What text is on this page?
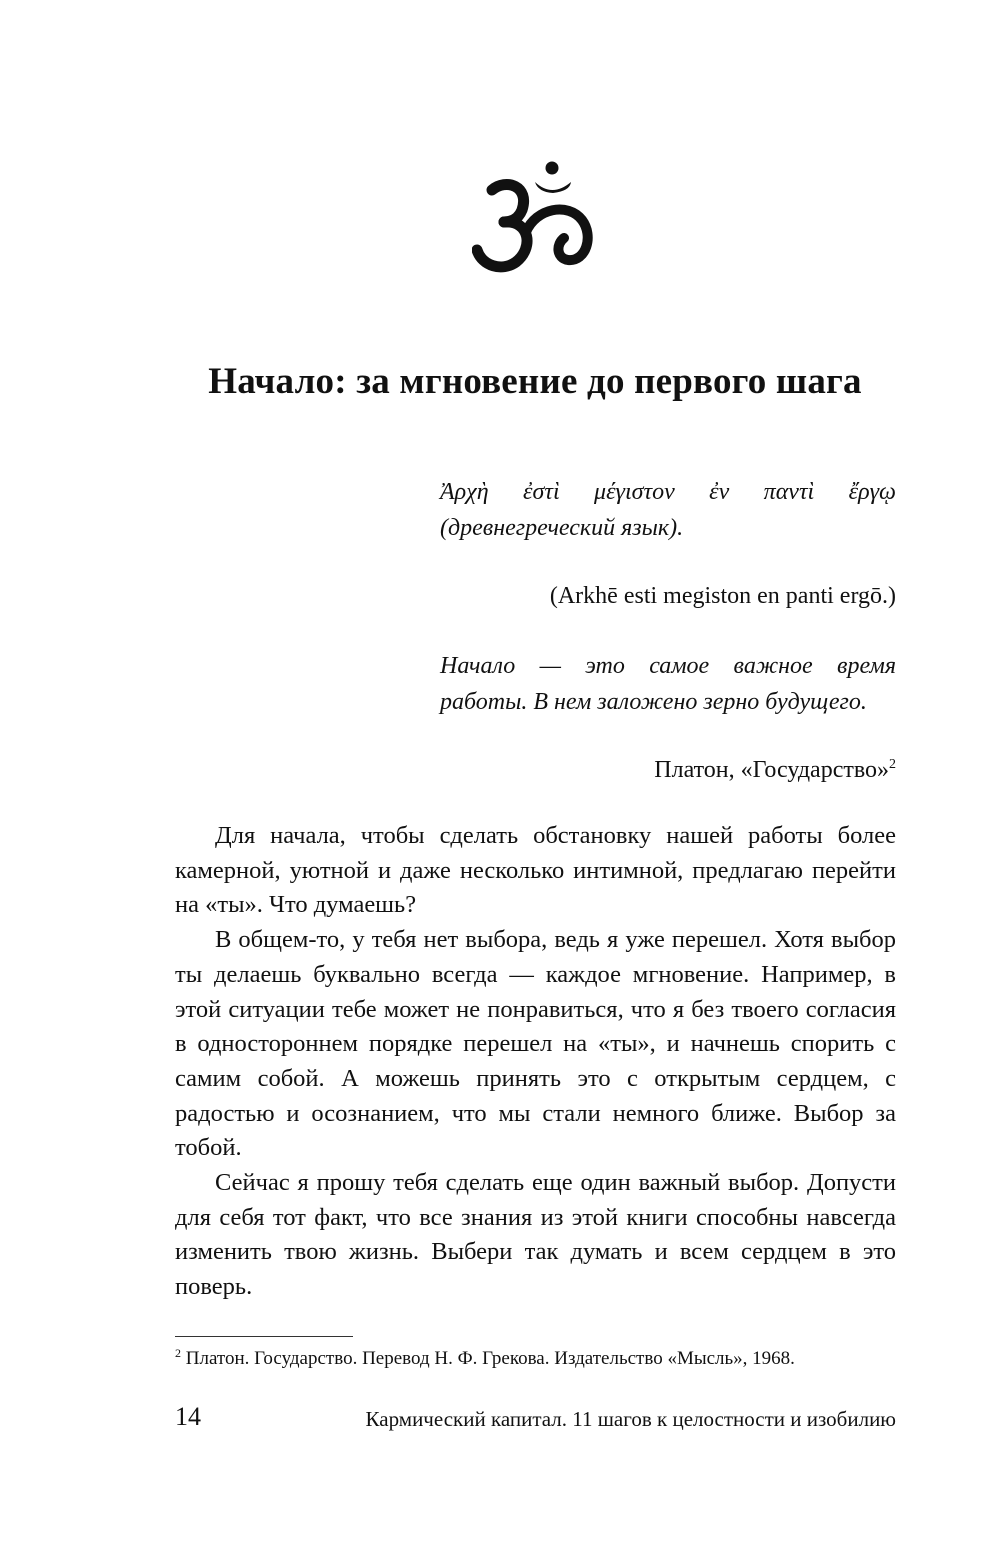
Начало: за мгновение до первого шага
Ἀρχὴ ἐστὶ μέγιστον ἐν παντὶ ἔργῳ (древнегреческий язык).
(Arkhē esti megiston en panti ergō.)
Начало — это самое важное время работы. В нем заложено зерно будущего.
Платон, «Государство»$^2$

Для начала, чтобы сделать обстановку нашей работы более камерной, уютной и даже несколько интимной, предлагаю перейти на «ты». Что думаешь?

В общем-то, у тебя нет выбора, ведь я уже перешел. Хотя выбор ты делаешь буквально всегда — каждое мгновение. Например, в этой ситуации тебе может не понравиться, что я без твоего согласия в одностороннем порядке перешел на «ты», и начнешь спорить с самим собой. А можешь принять это с открытым сердцем, с радостью и осознанием, что мы стали немного ближе. Выбор за тобой.

Сейчас я прошу тебя сделать еще один важный выбор. Допусти для себя тот факт, что все знания из этой книги способны навсегда изменить твою жизнь. Выбери так думать и всем сердцем в это поверь.

$^2$ Платон. Государство. Перевод Н. Ф. Грекова. Издательство «Мысль», 1968.
14	Кармический капитал. 11 шагов к целостности и изобилию
